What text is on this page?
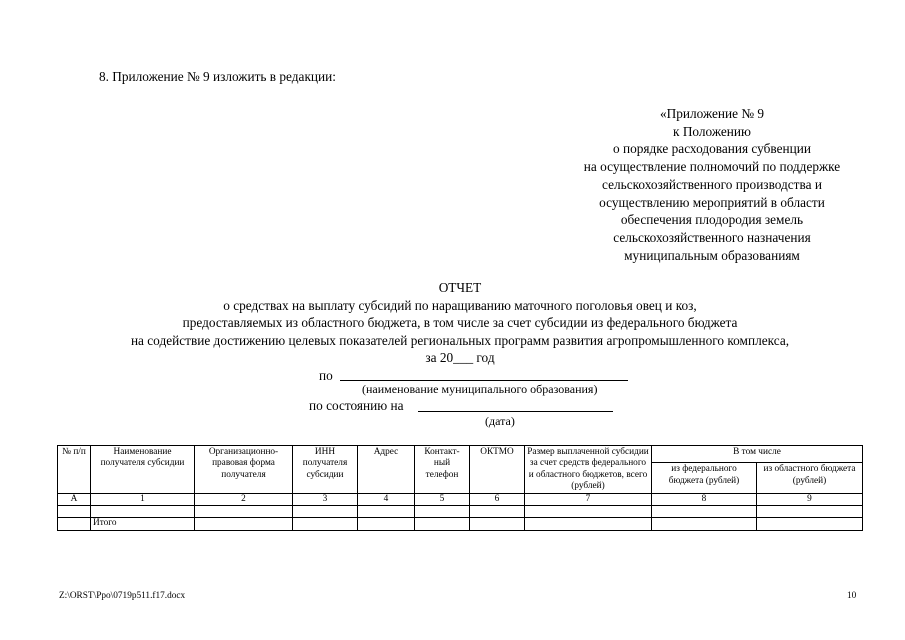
8. Приложение № 9 изложить в редакции:
«Приложение № 9
к Положению
о порядке расходования субвенции
на осуществление полномочий по поддержке
сельскохозяйственного производства и
осуществлению мероприятий в области
обеспечения плодородия земель
сельскохозяйственного назначения
муниципальным образованиям
ОТЧЕТ
о средствах на выплату субсидий по наращиванию маточного поголовья овец и коз,
предоставляемых из областного бюджета, в том числе за счет субсидии из федерального бюджета
на содействие достижению целевых показателей региональных программ развития агропромышленного комплекса,
за 20___ год
по
(наименование муниципального образования)
по состоянию на
(дата)
№ п/п	Наименование получателя субсидии	Организационно-правовая форма получателя	ИНН получателя субсидии	Адрес	Контакт-ный телефон	ОКТМО	Размер выплаченной субсидии за счет средств федерального и областного бюджетов, всего (рублей)	В том числе	
								из федерального бюджета (рублей)	из областного бюджета (рублей)
А	1	2	3	4	5	6	7	8	9

	Итого								
Z:\ORST\Ppo\0719p511.f17.docx	10
